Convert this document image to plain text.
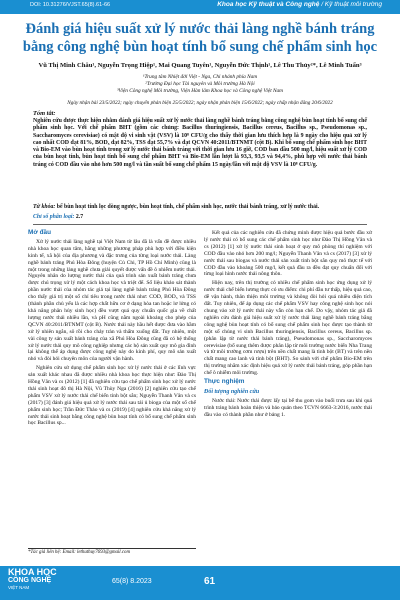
DOI: 10.31276/VJST.65(8).61-66	Khoa học Kỹ thuật và Công nghệ / Kỹ thuật môi trường
Đánh giá hiệu suất xử lý nước thải làng nghề bánh tráng bằng công nghệ bùn hoạt tính bổ sung chế phẩm sinh học
Vũ Thị Minh Châu¹, Nguyễn Trọng Hiệp¹, Mai Quang Tuyên¹, Nguyễn Đức Thịnh¹, Lê Thu Thủy²*, Lê Minh Tuấn³
¹Trung tâm Nhiệt đới Việt - Nga, Chi nhánh phía Nam
²Trường Đại học Tài nguyên và Môi trường Hà Nội
³Viện Công nghệ Môi trường, Viện Hàn lâm Khoa học và Công nghệ Việt Nam
Ngày nhận bài 23/5/2022; ngày chuyển phản biện 25/5/2022; ngày nhận phản biện 15/6/2022; ngày chấp nhận đăng 20/6/2022
Tóm tắt:
Nghiên cứu được thực hiện nhằm đánh giá hiệu suất xử lý nước thải làng nghề bánh tráng bằng công nghệ bùn hoạt tính bổ sung chế phẩm sinh học. Với chế phẩm BHT (gồm các chủng: Bacillus thuringiensis, Bacillus cereus, Bacillus sp., Pseudomonas sp., Saccharomyces cerevisiae) có mật độ vi sinh vật (VSV) là 10⁸ CFU/g cho thấy thời gian lưu thích hợp là 9 ngày cho hiệu quả xử lý cao nhất COD đạt 81%, BOD₅ đạt 82%, TSS đạt 55,7% và đạt QCVN 40:2011/BTNMT (cột B). Khi bổ sung chế phẩm sinh học BHT và Bio-EM vào bùn hoạt tính trong xử lý nước thải bánh tráng với thời gian lưu 16 giờ, COD ban đầu 500 mg/l, hiệu suất xử lý COD của bùn hoạt tính, bùn hoạt tính bổ sung chế phẩm BHT và Bio-EM lần lượt là 93,3, 93,5 và 94,4%, phù hợp với nước thải bánh tráng có COD đầu vào nhỏ hơn 500 mg/l và tần suất bổ sung chế phẩm 15 ngày/lần với mật độ VSV là 10⁸ CFU/g.
Từ khóa: bể bùn hoạt tính lọc dòng ngược, bùn hoạt tính, chế phẩm sinh học, nước thải bánh tráng, xử lý nước thải.
Chỉ số phân loại: 2.7
Mở đầu

Xử lý nước thải làng nghề tại Việt Nam từ lâu đã là vấn đề được nhiều nhà khoa học quan tâm, hằng những phương pháp phù hợp với điều kiện kinh tế, xã hội của địa phương và đặc trưng của từng loại nước thải. Làng nghề bánh tráng Phú Hòa Đông (huyện Củ Chi, TP Hồ Chí Minh) cũng là một trong những làng nghề chưa giải quyết được vấn đề ô nhiễm nước thải. Nguyên nhân do lượng nước thải của quá trình sản xuất bánh tráng chưa được chú trọng xử lý một cách khoa học và triệt để. Số liệu khảo sát thành phần nước thải của nhóm tác giả tại làng nghề bánh tráng Phú Hòa Đông cho thấy giá trị một số chỉ tiêu trong nước thải như: COD, BOD₅ và TSS (thành phần chủ yếu là các hợp chất hữu cơ ở dạng hòa tan hoặc lơ lửng có khả năng phân hủy sinh học) đều vượt quá quy chuẩn quốc gia về chất lượng nước thải nhiều lần, và pH cũng nằm ngoài khoảng cho phép của QCVN 40:2011/BTNMT (cột B). Nước thải này hầu hết được đưa vào hầm xử lý nhiên ngắn, sô rồi cho chảy tràn và thấm xuống đất. Tuy nhiên, một vài công ty sản xuất bánh tráng của xã Phú Hòa Đông cũng đã có hệ thống xử lý nước thải quy mô công nghiệp nhưng các hộ sản xuất quy mô gia đình lại không thể áp dụng được công nghệ này do kinh phí, quy mô sản xuất nhỏ và đòi hỏi chuyên môn của người vận hành.

Nghiên cứu sử dụng chế phẩm sinh học xử lý nước thải ở các lĩnh vực sản xuất khác nhau đã được nhiều nhà khoa học thực hiện như: Đào Thị Hồng Vân và cs (2012) [1] đã nghiên cứu tạo chế phẩm sinh học xử lý nước thải sinh hoạt đô thị Hà Nội, Vũ Thùy Nga (2016) [2] nghiên cứu tạo chế phẩm VSV xử lý nước thải chế biến tinh bột sắn; Nguyễn Thanh Vân và cs (2017) [3] đánh giá hiệu quả xử lý nước thải sau tái ủ bioga của một số chế phẩm sinh học; Trần Đức Thảo và cs (2019) [4] nghiên cứu khả năng xử lý nước thải sinh hoạt bằng công nghệ bùn hoạt tính có bổ sung chế phẩm sinh học Bacillus sp...

*Tác giả liên hệ: Email: lethuthuy7693@gmail.com

Kết quả của các nghiên cứu đã chứng minh được hiệu quả bước đầu xử lý nước thải có bổ sung các chế phẩm sinh học như Đào Thị Hồng Vân và cs (2012) [1] xử lý nước thải sinh hoạt ở quy mô phòng thí nghiệm với COD đầu vào nhỏ hơn 200 mg/l; Nguyễn Thanh Vân và cs (2017) [3] xử lý nước thải sau biogas và nước thải sản xuất tinh bột sắn quy mô thực tế với COD đầu vào khoảng 500 mg/l, kết quả đầu ra đều đạt quy chuẩn đối với từng loại hình nước thải nông thôn.

Hiện nay, trên thị trường có nhiều chế phẩm sinh học ứng dụng xử lý nước thải chế biến lương thực có ưu điểm: chi phí đầu tư thấp, hiệu quả cao, dễ vận hành, thân thiện môi trường và không đòi hỏi quá nhiều diện tích đất. Tuy nhiên, để áp dụng các chế phẩm VSV hay công nghệ sinh học nói chung vào xử lý nước thải này vẫn còn hạn chế. Do vậy, nhóm tác giả đã nghiên cứu đánh giá hiệu suất xử lý nước thải làng nghề bánh tráng bằng công nghệ bùn hoạt tính có bổ sung chế phẩm sinh học được tạo thành từ một số chủng vi sinh Bacillus thuringiensis, Bacillus cereus, Bacillus sp. (phân lập từ nước thải bánh tráng), Pseudomonas sp., Saccharomyces cerevisiae (bổ sung thêm được phân lập từ môi trường nước biển Nha Trang và từ môi trường cơm rượu) trên nền chất mang là tinh bột (BT) và trên nền chất mang cao lanh và tinh bột (BHT). So sánh với chế phẩm Bio-EM trên thị trường nhằm xác định hiệu quả xử lý nước thải bánh tráng, góp phần hạn chế ô nhiễm môi trường.

Thực nghiệm
Đối tượng nghiên cứu

Nước thải: Nước thải được lấy tại bể thu gom vào buổi trưa sau khi quá trình tráng bánh hoàn thiện và bảo quản theo TCVN 6663-3:2016, nước thải đầu vào có thành phần như ở bảng 1.

KHOA HỌC
CÔNG NGHỆ
VIỆT NAM
65(8) 8.2023	61
